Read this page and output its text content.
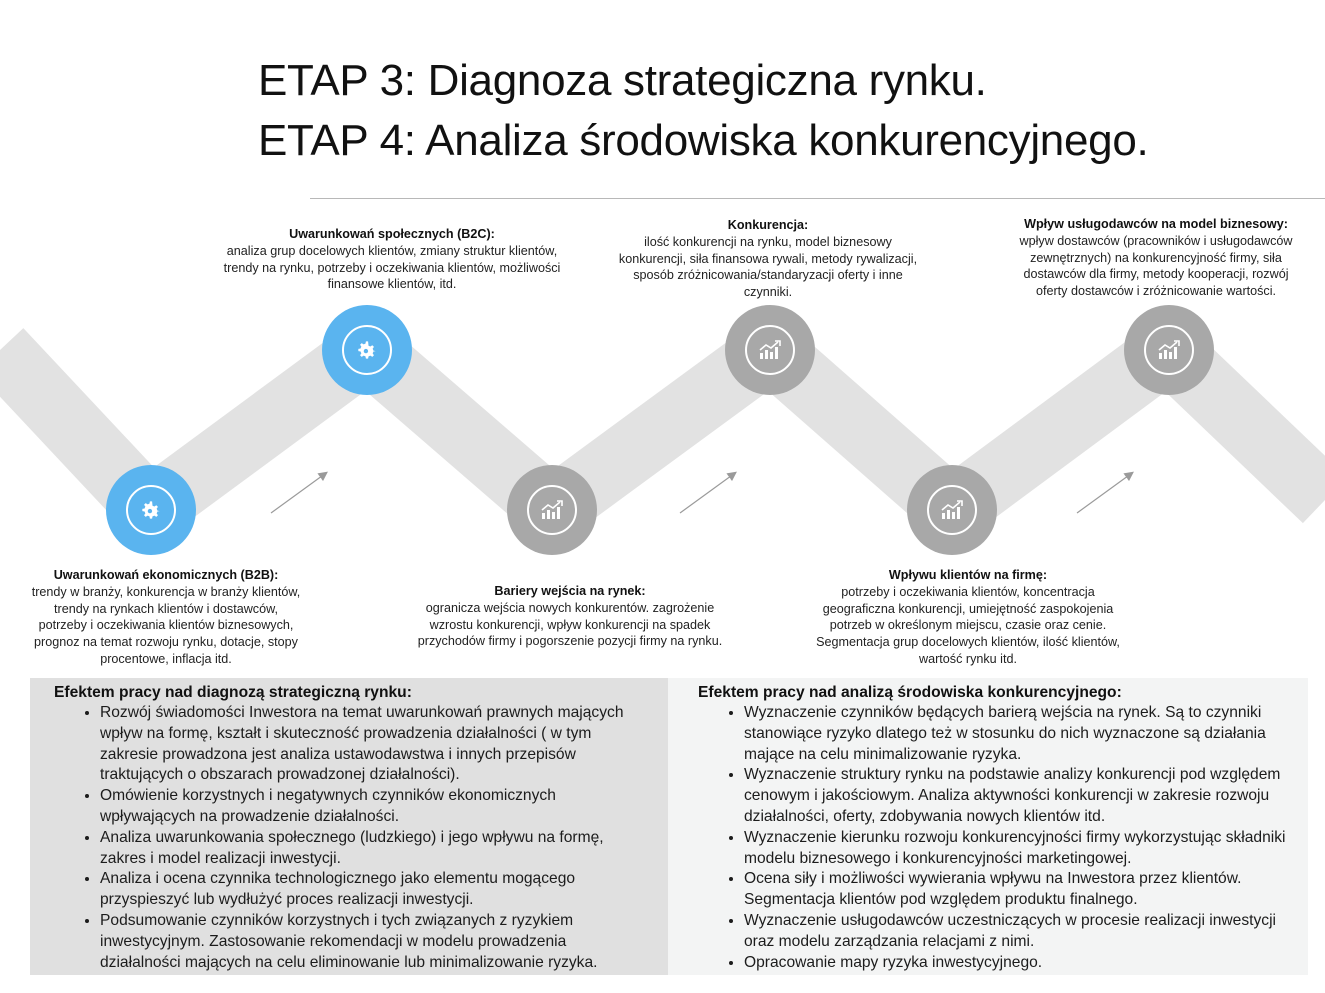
ETAP 3: Diagnoza strategiczna rynku.
ETAP 4: Analiza środowiska konkurencyjnego.
Uwarunkowań ekonomicznych (B2B):
trendy w branży, konkurencja w branży klientów,
trendy na rynkach klientów i dostawców,
potrzeby i oczekiwania klientów biznesowych,
prognoz na temat rozwoju rynku, dotacje, stopy
procentowe, inflacja itd.
Uwarunkowań społecznych (B2C):
analiza grup docelowych klientów, zmiany struktur klientów,
trendy na rynku, potrzeby i oczekiwania klientów, możliwości
finansowe klientów, itd.
Bariery wejścia na rynek:
ogranicza wejścia nowych konkurentów. zagrożenie
wzrostu konkurencji, wpływ konkurencji na spadek
przychodów firmy i pogorszenie pozycji firmy na rynku.
Konkurencja:
ilość konkurencji na rynku, model biznesowy
konkurencji, siła finansowa rywali, metody rywalizacji,
sposób zróżnicowania/standaryzacji oferty i inne
czynniki.
Wpływu klientów na firmę:
potrzeby i oczekiwania klientów, koncentracja
geograficzna konkurencji, umiejętność zaspokojenia
potrzeb w określonym miejscu, czasie oraz cenie.
Segmentacja grup docelowych klientów, ilość klientów,
wartość rynku itd.
Wpływ usługodawców na model biznesowy:
wpływ dostawców (pracowników i usługodawców
zewnętrznych) na konkurencyjność firmy, siła
dostawców dla firmy, metody kooperacji, rozwój
oferty dostawców i zróżnicowanie wartości.
Efektem pracy nad diagnozą strategiczną rynku:
• Rozwój świadomości Inwestora na temat uwarunkowań prawnych mających wpływ na formę, kształt i skuteczność prowadzenia działalności ( w tym zakresie prowadzona jest analiza ustawodawstwa i innych przepisów traktujących o obszarach prowadzonej działalności).
• Omówienie korzystnych i negatywnych czynników ekonomicznych wpływających na prowadzenie działalności.
• Analiza uwarunkowania społecznego (ludzkiego) i jego wpływu na formę, zakres i model realizacji inwestycji.
• Analiza i ocena czynnika technologicznego jako elementu mogącego przyspieszyć lub wydłużyć proces realizacji inwestycji.
• Podsumowanie czynników korzystnych i tych związanych z ryzykiem inwestycyjnym. Zastosowanie rekomendacji w modelu prowadzenia działalności mających na celu eliminowanie lub minimalizowanie ryzyka.
Efektem pracy nad analizą środowiska konkurencyjnego:
• Wyznaczenie czynników będących barierą wejścia na rynek. Są to czynniki stanowiące ryzyko dlatego też w stosunku do nich wyznaczone są działania mające na celu minimalizowanie ryzyka.
• Wyznaczenie struktury rynku na podstawie analizy konkurencji pod względem cenowym i jakościowym. Analiza aktywności konkurencji w zakresie rozwoju działalności, oferty, zdobywania nowych klientów itd.
• Wyznaczenie kierunku rozwoju konkurencyjności firmy wykorzystując składniki modelu biznesowego i konkurencyjności marketingowej.
• Ocena siły i możliwości wywierania wpływu na Inwestora przez klientów. Segmentacja klientów pod względem produktu finalnego.
• Wyznaczenie usługodawców uczestniczących w procesie realizacji inwestycji oraz modelu zarządzania relacjami z nimi.
• Opracowanie mapy ryzyka inwestycyjnego.
